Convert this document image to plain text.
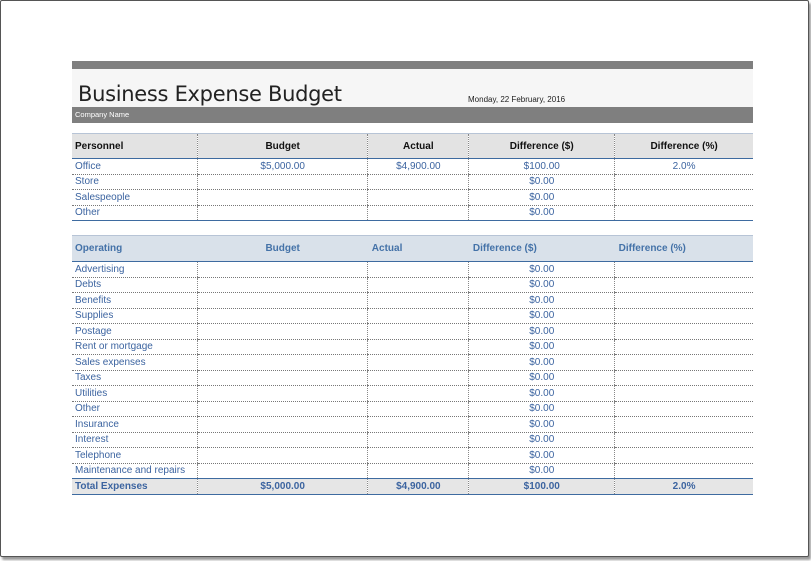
Business Expense Budget	Monday, 22 February, 2016
Company Name
Personnel	Budget	Actual	Difference ($)	Difference (%)
Office	$5,000.00	$4,900.00	$100.00	2.0%
Store			$0.00	
Salespeople			$0.00	
Other			$0.00	
Operating	Budget	Actual	Difference ($)	Difference (%)
Advertising			$0.00	
Debts			$0.00	
Benefits			$0.00	
Supplies			$0.00	
Postage			$0.00	
Rent or mortgage			$0.00	
Sales expenses			$0.00	
Taxes			$0.00	
Utilities			$0.00	
Other			$0.00	
Insurance			$0.00	
Interest			$0.00	
Telephone			$0.00	
Maintenance and repairs			$0.00	
Total Expenses	$5,000.00	$4,900.00	$100.00	2.0%
